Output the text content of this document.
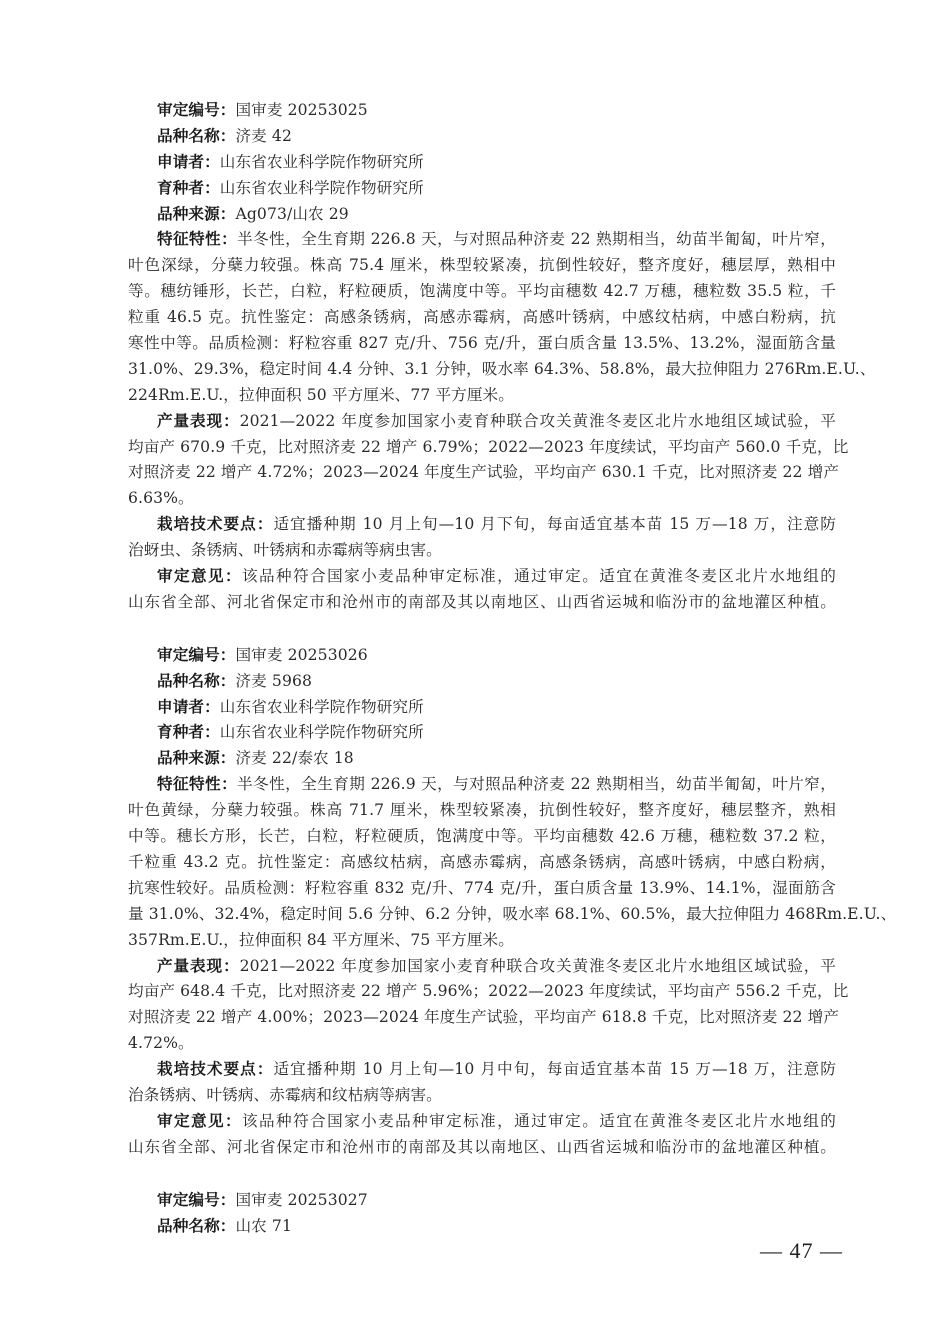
审定编号：国审麦 20253025
品种名称：济麦 42
申请者：山东省农业科学院作物研究所
育种者：山东省农业科学院作物研究所
品种来源：Ag073/山农 29
特征特性：半冬性，全生育期 226.8 天，与对照品种济麦 22 熟期相当，幼苗半匍匐，叶片窄，
叶色深绿，分蘖力较强。株高 75.4 厘米，株型较紧凑，抗倒性较好，整齐度好，穗层厚，熟相中
等。穗纺锤形，长芒，白粒，籽粒硬质，饱满度中等。平均亩穗数 42.7 万穗，穗粒数 35.5 粒，千
粒重 46.5 克。抗性鉴定：高感条锈病，高感赤霉病，高感叶锈病，中感纹枯病，中感白粉病，抗
寒性中等。品质检测：籽粒容重 827 克/升、756 克/升，蛋白质含量 13.5%、13.2%，湿面筋含量
31.0%、29.3%，稳定时间 4.4 分钟、3.1 分钟，吸水率 64.3%、58.8%，最大拉伸阻力 276Rm.E.U.、
224Rm.E.U.，拉伸面积 50 平方厘米、77 平方厘米。
产量表现：2021—2022 年度参加国家小麦育种联合攻关黄淮冬麦区北片水地组区域试验，平
均亩产 670.9 千克，比对照济麦 22 增产 6.79%；2022—2023 年度续试，平均亩产 560.0 千克，比
对照济麦 22 增产 4.72%；2023—2024 年度生产试验，平均亩产 630.1 千克，比对照济麦 22 增产
6.63%。
栽培技术要点：适宜播种期 10 月上旬—10 月下旬，每亩适宜基本苗 15 万—18 万，注意防
治蚜虫、条锈病、叶锈病和赤霉病等病虫害。
审定意见：该品种符合国家小麦品种审定标准，通过审定。适宜在黄淮冬麦区北片水地组的
山东省全部、河北省保定市和沧州市的南部及其以南地区、山西省运城和临汾市的盆地灌区种植。
审定编号：国审麦 20253026
品种名称：济麦 5968
申请者：山东省农业科学院作物研究所
育种者：山东省农业科学院作物研究所
品种来源：济麦 22/泰农 18
特征特性：半冬性，全生育期 226.9 天，与对照品种济麦 22 熟期相当，幼苗半匍匐，叶片窄，
叶色黄绿，分蘖力较强。株高 71.7 厘米，株型较紧凑，抗倒性较好，整齐度好，穗层整齐，熟相
中等。穗长方形，长芒，白粒，籽粒硬质，饱满度中等。平均亩穗数 42.6 万穗，穗粒数 37.2 粒，
千粒重 43.2 克。抗性鉴定：高感纹枯病，高感赤霉病，高感条锈病，高感叶锈病，中感白粉病，
抗寒性较好。品质检测：籽粒容重 832 克/升、774 克/升，蛋白质含量 13.9%、14.1%，湿面筋含
量 31.0%、32.4%，稳定时间 5.6 分钟、6.2 分钟，吸水率 68.1%、60.5%，最大拉伸阻力 468Rm.E.U.、
357Rm.E.U.，拉伸面积 84 平方厘米、75 平方厘米。
产量表现：2021—2022 年度参加国家小麦育种联合攻关黄淮冬麦区北片水地组区域试验，平
均亩产 648.4 千克，比对照济麦 22 增产 5.96%；2022—2023 年度续试，平均亩产 556.2 千克，比
对照济麦 22 增产 4.00%；2023—2024 年度生产试验，平均亩产 618.8 千克，比对照济麦 22 增产
4.72%。
栽培技术要点：适宜播种期 10 月上旬—10 月中旬，每亩适宜基本苗 15 万—18 万，注意防
治条锈病、叶锈病、赤霉病和纹枯病等病害。
审定意见：该品种符合国家小麦品种审定标准，通过审定。适宜在黄淮冬麦区北片水地组的
山东省全部、河北省保定市和沧州市的南部及其以南地区、山西省运城和临汾市的盆地灌区种植。
审定编号：国审麦 20253027
品种名称：山农 71
— 47 —
